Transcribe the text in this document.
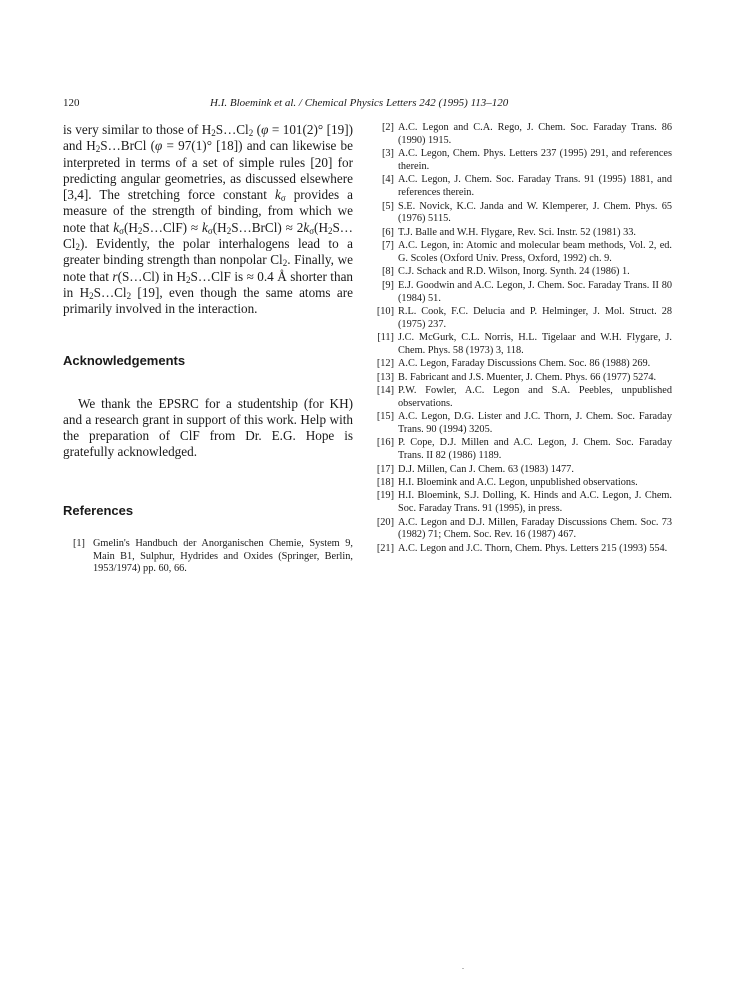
120	H.I. Bloemink et al. / Chemical Physics Letters 242 (1995) 113–120

is very similar to those of $H_2S\dots Cl_2$ (φ = 101(2)° [19]) and $H_2S\dots BrCl$ (φ = 97(1)° [18]) and can likewise be interpreted in terms of a set of simple rules [20] for predicting angular geometries, as discussed elsewhere [3,4]. The stretching force constant $k_\sigma$ provides a measure of the strength of binding, from which we note that $k_\sigma(H_2S\dots ClF)$ ≈ $k_\sigma(H_2S\dots BrCl)$ ≈ $2k_\sigma(H_2S\dots Cl_2)$. Evidently, the polar interhalogens lead to a greater binding strength than nonpolar $Cl_2$. Finally, we note that r(S…Cl) in $H_2S\dots ClF$ is ≈ 0.4 Å shorter than in $H_2S\dots Cl_2$ [19], even though the same atoms are primarily involved in the interaction.

Acknowledgements

We thank the EPSRC for a studentship (for KH) and a research grant in support of this work. Help with the preparation of ClF from Dr. E.G. Hope is gratefully acknowledged.

References
[1] Gmelin's Handbuch der Anorganischen Chemie, System 9, Main B1, Sulphur, Hydrides and Oxides (Springer, Berlin, 1953/1974) pp. 60, 66.
[2] A.C. Legon and C.A. Rego, J. Chem. Soc. Faraday Trans. 86 (1990) 1915.
[3] A.C. Legon, Chem. Phys. Letters 237 (1995) 291, and references therein.
[4] A.C. Legon, J. Chem. Soc. Faraday Trans. 91 (1995) 1881, and references therein.
[5] S.E. Novick, K.C. Janda and W. Klemperer, J. Chem. Phys. 65 (1976) 5115.
[6] T.J. Balle and W.H. Flygare, Rev. Sci. Instr. 52 (1981) 33.
[7] A.C. Legon, in: Atomic and molecular beam methods, Vol. 2, ed. G. Scoles (Oxford Univ. Press, Oxford, 1992) ch. 9.
[8] C.J. Schack and R.D. Wilson, Inorg. Synth. 24 (1986) 1.
[9] E.J. Goodwin and A.C. Legon, J. Chem. Soc. Faraday Trans. II 80 (1984) 51.
[10] R.L. Cook, F.C. Delucia and P. Helminger, J. Mol. Struct. 28 (1975) 237.
[11] J.C. McGurk, C.L. Norris, H.L. Tigelaar and W.H. Flygare, J. Chem. Phys. 58 (1973) 3, 118.
[12] A.C. Legon, Faraday Discussions Chem. Soc. 86 (1988) 269.
[13] B. Fabricant and J.S. Muenter, J. Chem. Phys. 66 (1977) 5274.
[14] P.W. Fowler, A.C. Legon and S.A. Peebles, unpublished observations.
[15] A.C. Legon, D.G. Lister and J.C. Thorn, J. Chem. Soc. Faraday Trans. 90 (1994) 3205.
[16] P. Cope, D.J. Millen and A.C. Legon, J. Chem. Soc. Faraday Trans. II 82 (1986) 1189.
[17] D.J. Millen, Can J. Chem. 63 (1983) 1477.
[18] H.I. Bloemink and A.C. Legon, unpublished observations.
[19] H.I. Bloemink, S.J. Dolling, K. Hinds and A.C. Legon, J. Chem. Soc. Faraday Trans. 91 (1995), in press.
[20] A.C. Legon and D.J. Millen, Faraday Discussions Chem. Soc. 73 (1982) 71; Chem. Soc. Rev. 16 (1987) 467.
[21] A.C. Legon and J.C. Thorn, Chem. Phys. Letters 215 (1993) 554.
